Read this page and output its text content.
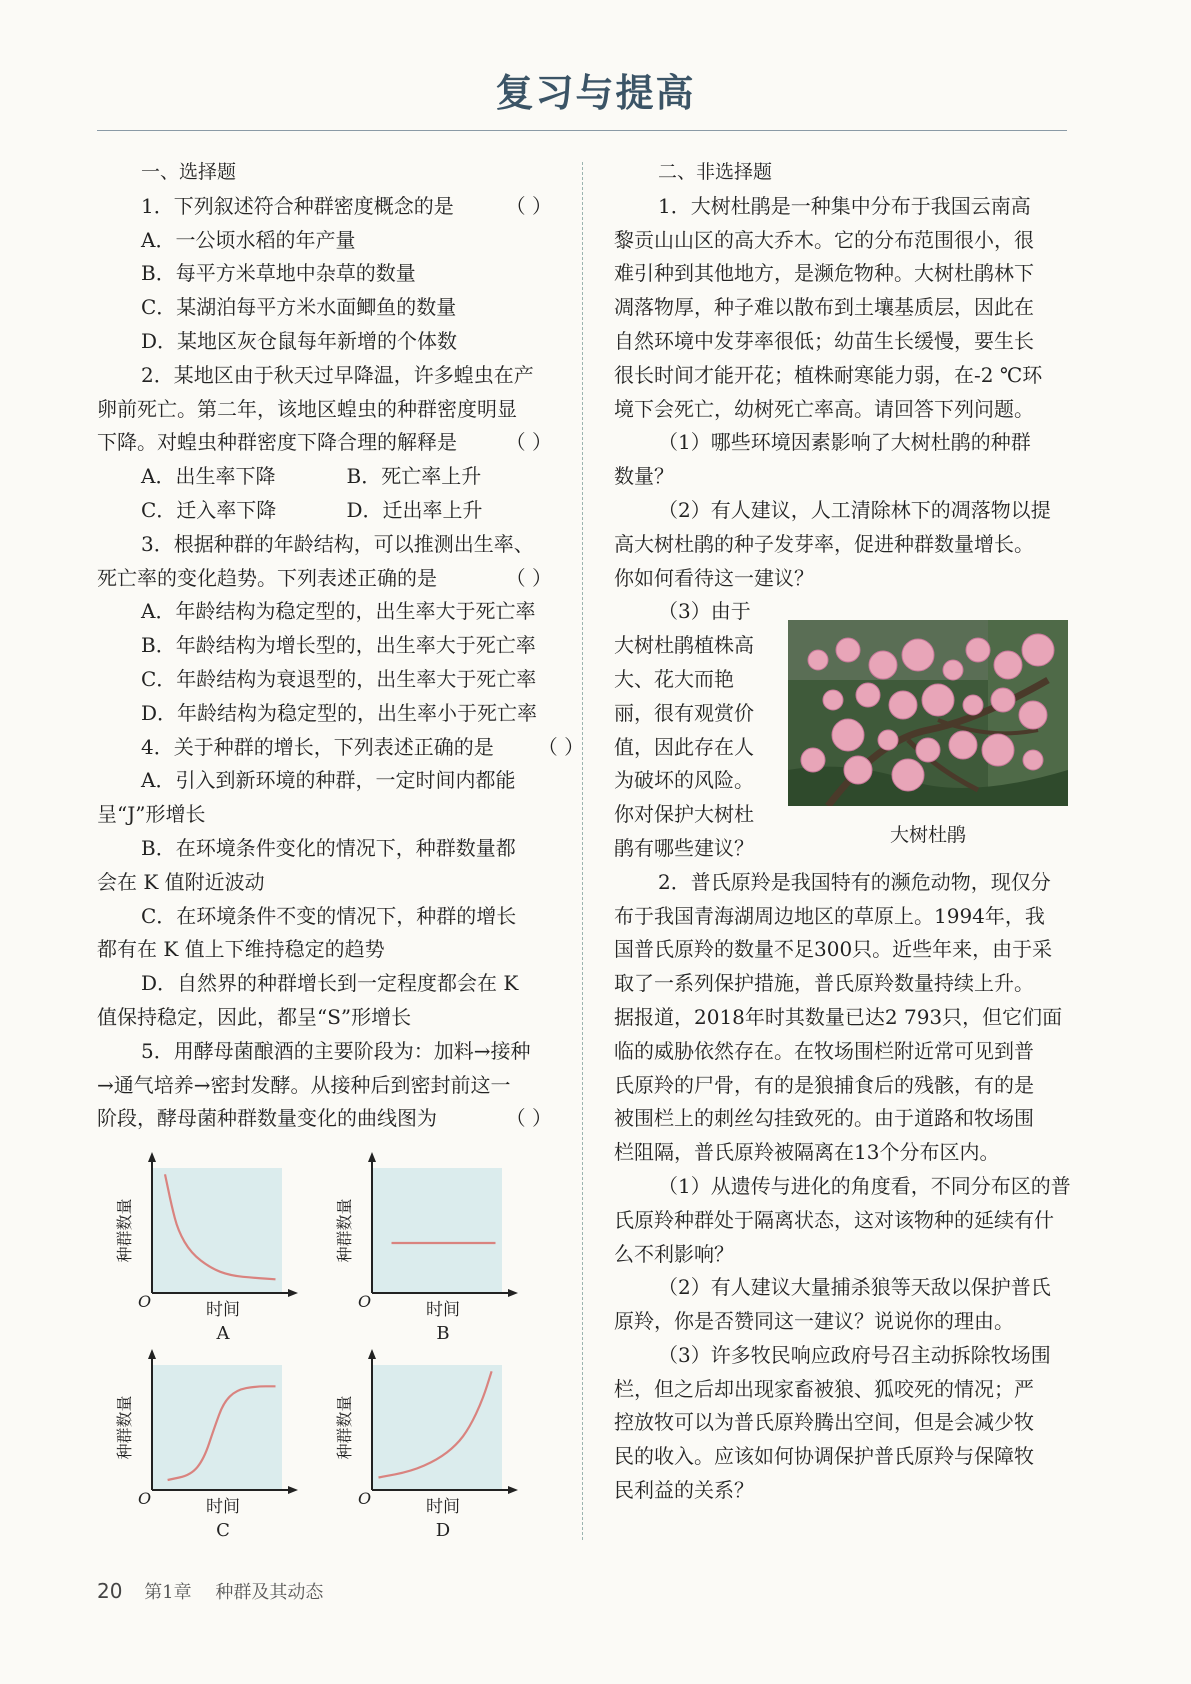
复习与提高
一、选择题
1．下列叙述符合种群密度概念的是	（ ）
A．一公顷水稻的年产量
B．每平方米草地中杂草的数量
C．某湖泊每平方米水面鲫鱼的数量
D．某地区灰仓鼠每年新增的个体数
2．某地区由于秋天过早降温，许多蝗虫在产
卵前死亡。第二年，该地区蝗虫的种群密度明显
下降。对蝗虫种群密度下降合理的解释是 （ ）
A．出生率下降	B．死亡率上升
C．迁入率下降	D．迁出率上升
3．根据种群的年龄结构，可以推测出生率、
死亡率的变化趋势。下列表述正确的是	（ ）
A．年龄结构为稳定型的，出生率大于死亡率
B．年龄结构为增长型的，出生率大于死亡率
C．年龄结构为衰退型的，出生率大于死亡率
D．年龄结构为稳定型的，出生率小于死亡率
4．关于种群的增长，下列表述正确的是	（ ）
A．引入到新环境的种群，一定时间内都能
呈“J”形增长
B．在环境条件变化的情况下，种群数量都
会在 K 值附近波动
C．在环境条件不变的情况下，种群的增长
都有在 K 值上下维持稳定的趋势
D．自然界的种群增长到一定程度都会在 K
值保持稳定，因此，都呈“S”形增长
5．用酵母菌酿酒的主要阶段为：加料→接种
→通气培养→密封发酵。从接种后到密封前这一
阶段，酵母菌种群数量变化的曲线图为	（ ）
O	时间
种群数量
A
O	时间
种群数量
B
O	时间
种群数量
C
O	时间
种群数量
D
二、非选择题
1．大树杜鹃是一种集中分布于我国云南高
黎贡山山区的高大乔木。它的分布范围很小，很
难引种到其他地方，是濒危物种。大树杜鹃林下
凋落物厚，种子难以散布到土壤基质层，因此在
自然环境中发芽率很低；幼苗生长缓慢，要生长
很长时间才能开花；植株耐寒能力弱，在-2 ℃环
境下会死亡，幼树死亡率高。请回答下列问题。
（1）哪些环境因素影响了大树杜鹃的种群
数量？
（2）有人建议，人工清除林下的凋落物以提
高大树杜鹃的种子发芽率，促进种群数量增长。
你如何看待这一建议？
（3）由于
大树杜鹃植株高
大、花大而艳
丽，很有观赏价
值，因此存在人
为破坏的风险。
你对保护大树杜
鹃有哪些建议？
2．普氏原羚是我国特有的濒危动物，现仅分
布于我国青海湖周边地区的草原上。1994年，我
国普氏原羚的数量不足300只。近些年来，由于采
取了一系列保护措施，普氏原羚数量持续上升。
据报道，2018年时其数量已达2 793只，但它们面
临的威胁依然存在。在牧场围栏附近常可见到普
氏原羚的尸骨，有的是狼捕食后的残骸，有的是
被围栏上的刺丝勾挂致死的。由于道路和牧场围
栏阻隔，普氏原羚被隔离在13个分布区内。
（1）从遗传与进化的角度看，不同分布区的普
氏原羚种群处于隔离状态，这对该物种的延续有什
么不利影响？
（2）有人建议大量捕杀狼等天敌以保护普氏
原羚，你是否赞同这一建议？说说你的理由。
（3）许多牧民响应政府号召主动拆除牧场围
栏，但之后却出现家畜被狼、狐咬死的情况；严
控放牧可以为普氏原羚腾出空间，但是会减少牧
民的收入。应该如何协调保护普氏原羚与保障牧
民利益的关系？
大树杜鹃
20 第1章 种群及其动态
